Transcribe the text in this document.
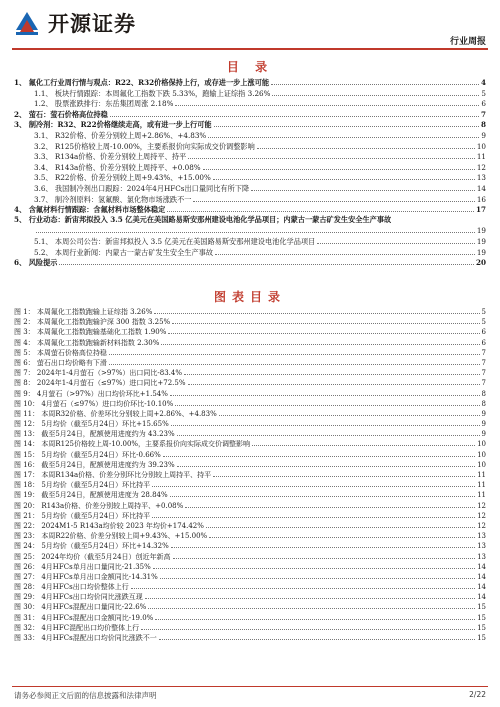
开源证券
行业周报
目 录
1、 氟化工行业周行情与观点：R22、R32价格保持上行，或存进一步上涨可能	4
1.1、 板块行情跟踪：本周氟化工指数下跌 5.33%，跑输上证综指 3.26%	5
1.2、 股票涨跌排行：东岳集团周涨 2.18%	6
2、 萤石：萤石价格高位持稳	7
3、 制冷剂：R32、R22价格继续走高，或有进一步上行可能	8
3.1、 R32价格、价差分别较上周+2.86%、+4.83%	9
3.2、 R125价格较上周-10.00%，主要系报价向实际成交价调整影响	10
3.3、 R134a价格、价差分别较上周持平、持平	11
3.4、 R143a价格、价差分别较上周持平、+0.08%	12
3.5、 R22价格、价差分别较上周+9.43%、+15.00%	13
3.6、 我国制冷剂出口跟踪：2024年4月HFCs出口量同比有所下降	14
3.7、 制冷剂原料：氢氟酸、氯化物市场涨跌不一	16
4、 含氟材料行情跟踪：含氟材料市场整体稳定	17
5、 行业动态：新宙邦拟投入 3.5 亿美元在美国路易斯安那州建设电池化学品项目；内蒙古一蒙古矿发生安全生产事故
19
5.1、 本周公司公告：新宙邦拟投入 3.5 亿美元在美国路易斯安那州建设电池化学品项目	19
5.2、 本周行业新闻：内蒙古一蒙古矿发生安全生产事故	19
6、 风险提示	20
图表目录
图 1： 本周氟化工指数跑输上证综指 3.26%	5
图 2： 本周氟化工指数跑输沪深 300 指数 3.25%	5
图 3： 本周氟化工指数跑输基础化工指数 1.90%	6
图 4： 本周氟化工指数跑输新材料指数 2.30%	6
图 5： 本周萤石价格高位持稳	7
图 6： 萤石出口均价略有下滑	7
图 7： 2024年1-4月萤石（>97%）出口同比-83.4%	7
图 8： 2024年1-4月萤石（≤97%）进口同比+72.5%	7
图 9： 4月萤石（>97%）出口均价环比+1.54%	8
图 10： 4月萤石（≤97%）进口均价环比-10.10%	8
图 11： 本周R32价格、价差环比分别较上周+2.86%、+4.83%	9
图 12： 5月均价（截至5月24日）环比+15.65%	9
图 13： 截至5月24日，配额使用进度约为 43.23%	9
图 14： 本周R125价格较上周-10.00%，主要系报价向实际成交价调整影响	10
图 15： 5月均价（截至5月24日）环比-0.66%	10
图 16： 截至5月24日，配额使用进度约为 39.23%	10
图 17： 本周R134a价格、价差分别环比分别较上周持平、持平	11
图 18： 5月均价（截至5月24日）环比持平	11
图 19： 截至5月24日，配额使用进度为 28.84%	11
图 20： R143a价格、价差分别较上周持平、+0.08%	12
图 21： 5月均价（截至5月24日）环比持平	12
图 22： 2024M1-5 R143a均价较 2023 年均价+174.42%	12
图 23： 本周R22价格、价差分别较上周+9.43%、+15.00%	13
图 24： 5月均价（截至5月24日）环比+14.32%	13
图 25： 2024年均价（截至5月24日）创近年新高	13
图 26： 4月HFCs单月出口量同比-21.35%	14
图 27： 4月HFCs单月出口金额同比-14.31%	14
图 28： 4月HFCs出口均价整体上行	14
图 29： 4月HFCs出口均价同比涨跌互现	14
图 30： 4月HFCs混配出口量同比-22.6%	15
图 31： 4月HFCs混配出口金额同比-19.0%	15
图 32： 4月HFC混配出口均价整体上行	15
图 33： 4月HFCs混配出口均价同比涨跌不一	15
请务必参阅正文后面的信息披露和法律声明	2/22
